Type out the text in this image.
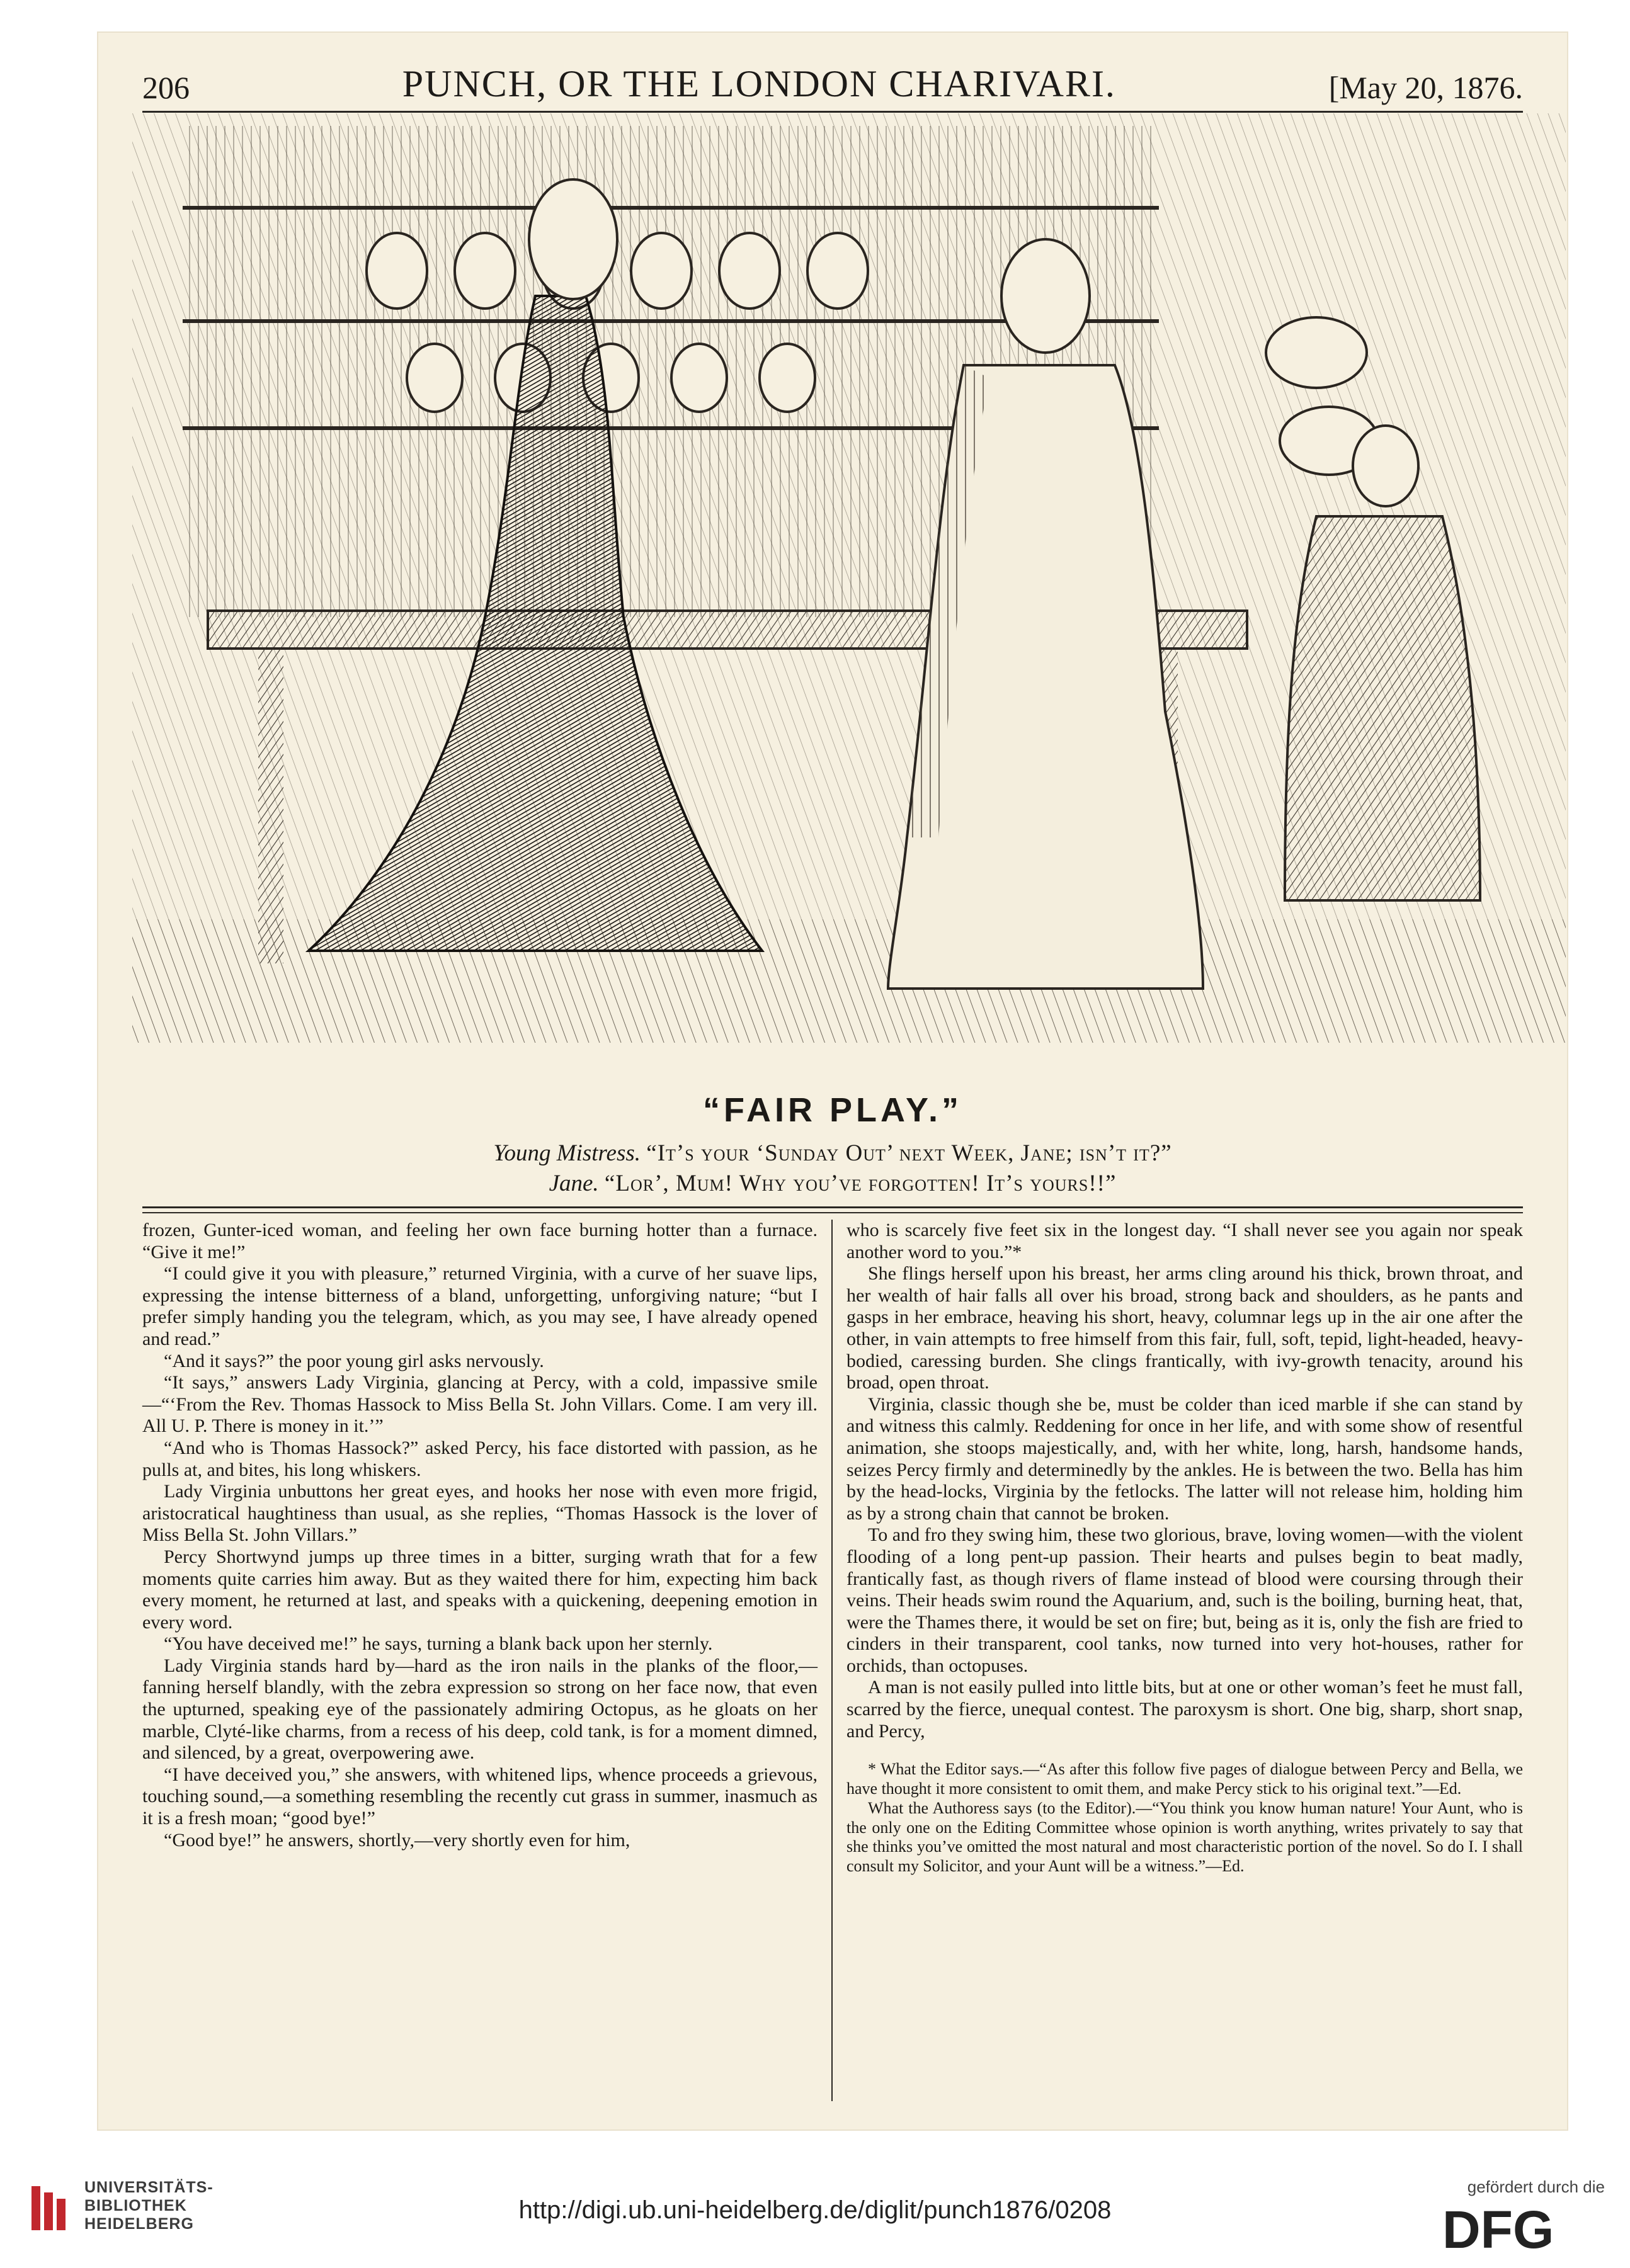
206	PUNCH, OR THE LONDON CHARIVARI.	[May 20, 1876.
“FAIR PLAY.”
Young Mistress. “It’s your ‘Sunday Out’ next Week, Jane; isn’t it?”
Jane. “Lor’, Mum! Why you’ve forgotten! It’s yours!!”

frozen, Gunter-iced woman, and feeling her own face burning hotter than a furnace. “Give it me!”

“I could give it you with pleasure,” returned Virginia, with a curve of her suave lips, expressing the intense bitterness of a bland, unforgetting, unforgiving nature; “but I prefer simply handing you the telegram, which, as you may see, I have already opened and read.”

“And it says?” the poor young girl asks nervously.

“It says,” answers Lady Virginia, glancing at Percy, with a cold, impassive smile—“‘From the Rev. Thomas Hassock to Miss Bella St. John Villars. Come. I am very ill. All U. P. There is money in it.’”

“And who is Thomas Hassock?” asked Percy, his face distorted with passion, as he pulls at, and bites, his long whiskers.

Lady Virginia unbuttons her great eyes, and hooks her nose with even more frigid, aristocratical haughtiness than usual, as she replies, “Thomas Hassock is the lover of Miss Bella St. John Villars.”

Percy Shortwynd jumps up three times in a bitter, surging wrath that for a few moments quite carries him away. But as they waited there for him, expecting him back every moment, he returned at last, and speaks with a quickening, deepening emotion in every word.

“You have deceived me!” he says, turning a blank back upon her sternly.

Lady Virginia stands hard by—hard as the iron nails in the planks of the floor,—fanning herself blandly, with the zebra expression so strong on her face now, that even the upturned, speaking eye of the passionately admiring Octopus, as he gloats on her marble, Clyté-like charms, from a recess of his deep, cold tank, is for a moment dimned, and silenced, by a great, overpowering awe.

“I have deceived you,” she answers, with whitened lips, whence proceeds a grievous, touching sound,—a something resembling the recently cut grass in summer, inasmuch as it is a fresh moan; “good bye!”

“Good bye!” he answers, shortly,—very shortly even for him,

who is scarcely five feet six in the longest day. “I shall never see you again nor speak another word to you.”*

She flings herself upon his breast, her arms cling around his thick, brown throat, and her wealth of hair falls all over his broad, strong back and shoulders, as he pants and gasps in her embrace, heaving his short, heavy, columnar legs up in the air one after the other, in vain attempts to free himself from this fair, full, soft, tepid, light-headed, heavy-bodied, caressing burden. She clings frantically, with ivy-growth tenacity, around his broad, open throat.

Virginia, classic though she be, must be colder than iced marble if she can stand by and witness this calmly. Reddening for once in her life, and with some show of resentful animation, she stoops majestically, and, with her white, long, harsh, handsome hands, seizes Percy firmly and determinedly by the ankles. He is between the two. Bella has him by the head-locks, Virginia by the fetlocks. The latter will not release him, holding him as by a strong chain that cannot be broken.

To and fro they swing him, these two glorious, brave, loving women—with the violent flooding of a long pent-up passion. Their hearts and pulses begin to beat madly, frantically fast, as though rivers of flame instead of blood were coursing through their veins. Their heads swim round the Aquarium, and, such is the boiling, burning heat, that, were the Thames there, it would be set on fire; but, being as it is, only the fish are fried to cinders in their transparent, cool tanks, now turned into very hot-houses, rather for orchids, than octopuses.

A man is not easily pulled into little bits, but at one or other woman’s feet he must fall, scarred by the fierce, unequal contest. The paroxysm is short. One big, sharp, short snap, and Percy,

* What the Editor says.—“As after this follow five pages of dialogue between Percy and Bella, we have thought it more consistent to omit them, and make Percy stick to his original text.”—Ed.

What the Authoress says (to the Editor).—“You think you know human nature! Your Aunt, who is the only one on the Editing Committee whose opinion is worth anything, writes privately to say that she thinks you’ve omitted the most natural and most characteristic portion of the novel. So do I. I shall consult my Solicitor, and your Aunt will be a witness.”—Ed.

UNIVERSITÄTS-
BIBLIOTHEK
HEIDELBERG	http://digi.ub.uni-heidelberg.de/diglit/punch1876/0208
gefördert durch die
DFG
